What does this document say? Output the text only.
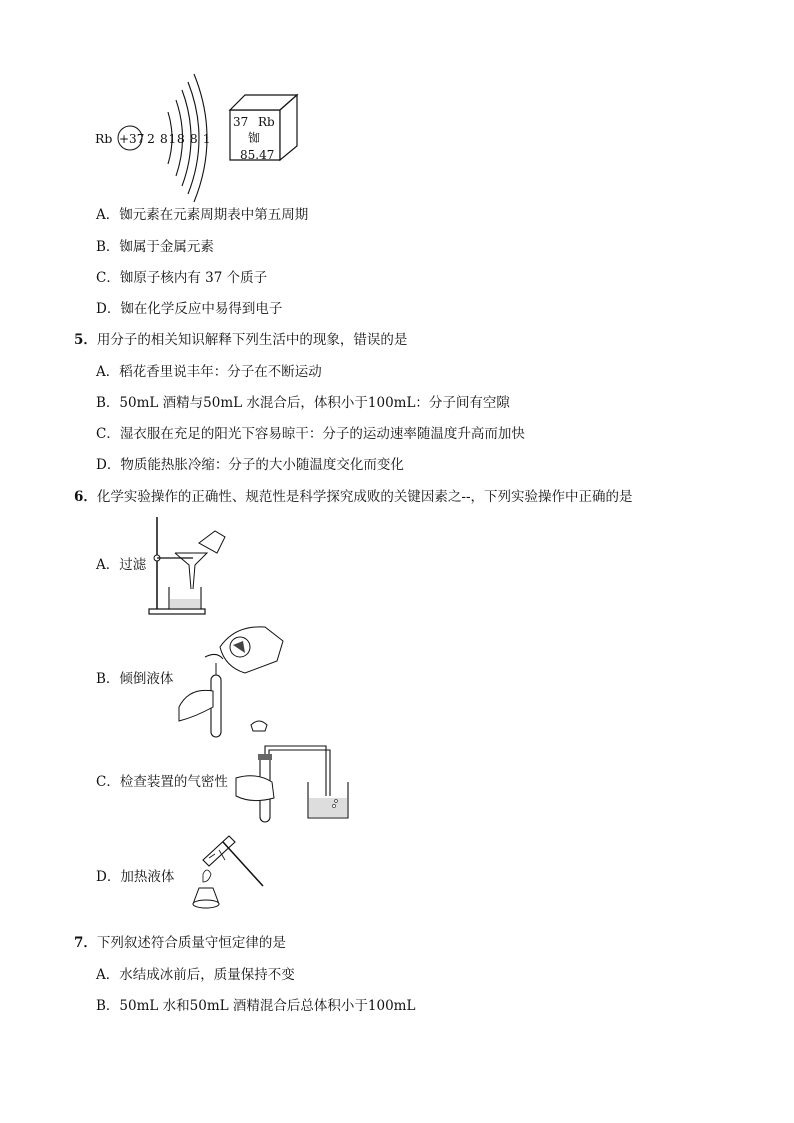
Rb +37 2 818 8 1
37 Rb
铷
85.47
A．铷元素在元素周期表中第五周期
B．铷属于金属元素
C．铷原子核内有 37 个质子
D．铷在化学反应中易得到电子
5．用分子的相关知识解释下列生活中的现象，错误的是
A．稻花香里说丰年：分子在不断运动
B．50mL 酒精与50mL 水混合后，体积小于100mL：分子间有空隙
C．湿衣服在充足的阳光下容易晾干：分子的运动速率随温度升高而加快
D．物质能热胀冷缩：分子的大小随温度交化而变化
6．化学实验操作的正确性、规范性是科学探究成败的关键因素之--，下列实验操作中正确的是
A．过滤
B．倾倒液体
C．检查装置的气密性
D．加热液体
7．下列叙述符合质量守恒定律的是
A．水结成冰前后，质量保持不变
B．50mL 水和50mL 酒精混合后总体积小于100mL
